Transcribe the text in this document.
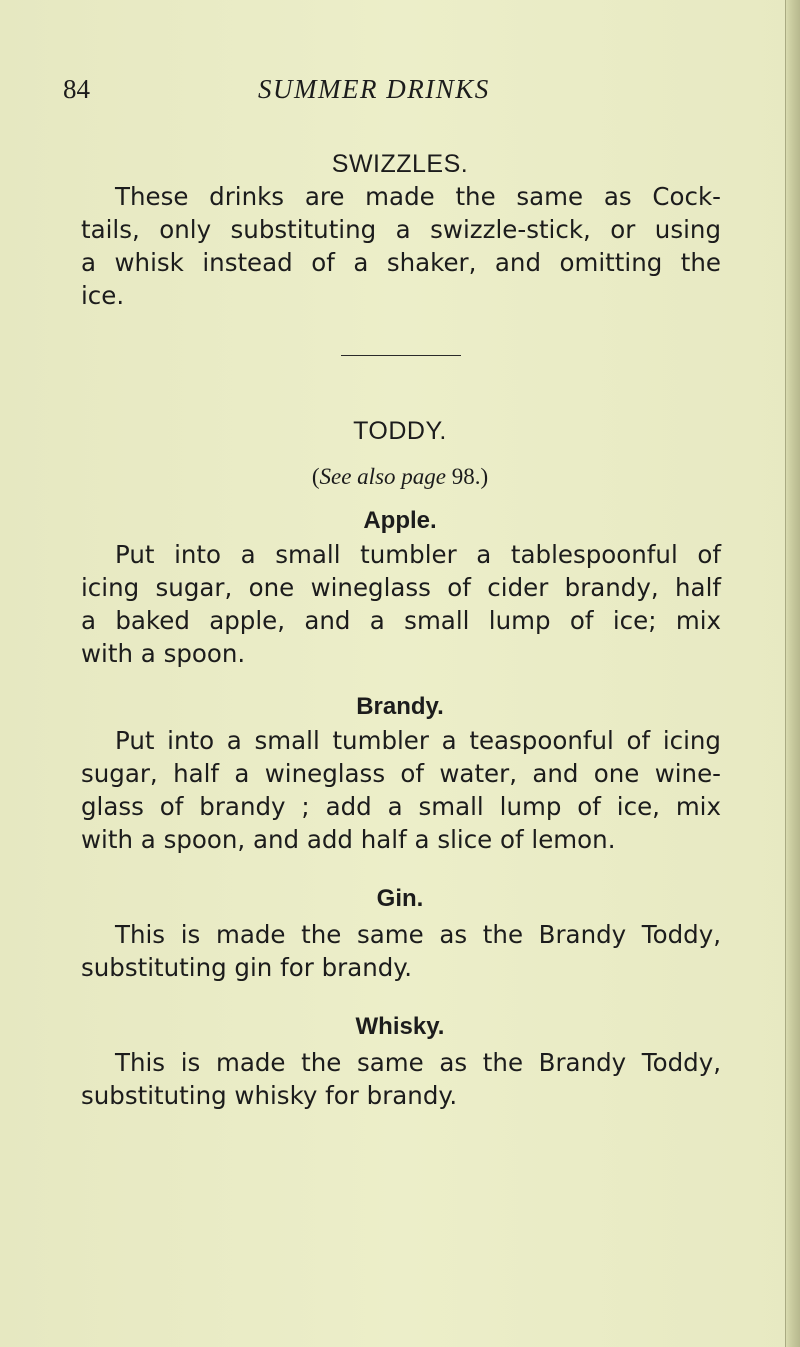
84	SUMMER DRINKS
SWIZZLES.

These drinks are made the same as Cock-
tails, only substituting a swizzle-stick, or using
a whisk instead of a shaker, and omitting the
ice.

TODDY.
(See also page 98.)
Apple.

Put into a small tumbler a tablespoonful of
icing sugar, one wineglass of cider brandy, half
a baked apple, and a small lump of ice; mix
with a spoon.

Brandy.

Put into a small tumbler a teaspoonful of icing
sugar, half a wineglass of water, and one wine-
glass of brandy ; add a small lump of ice, mix
with a spoon, and add half a slice of lemon.

Gin.

This is made the same as the Brandy Toddy,
substituting gin for brandy.

Whisky.

This is made the same as the Brandy Toddy,
substituting whisky for brandy.
